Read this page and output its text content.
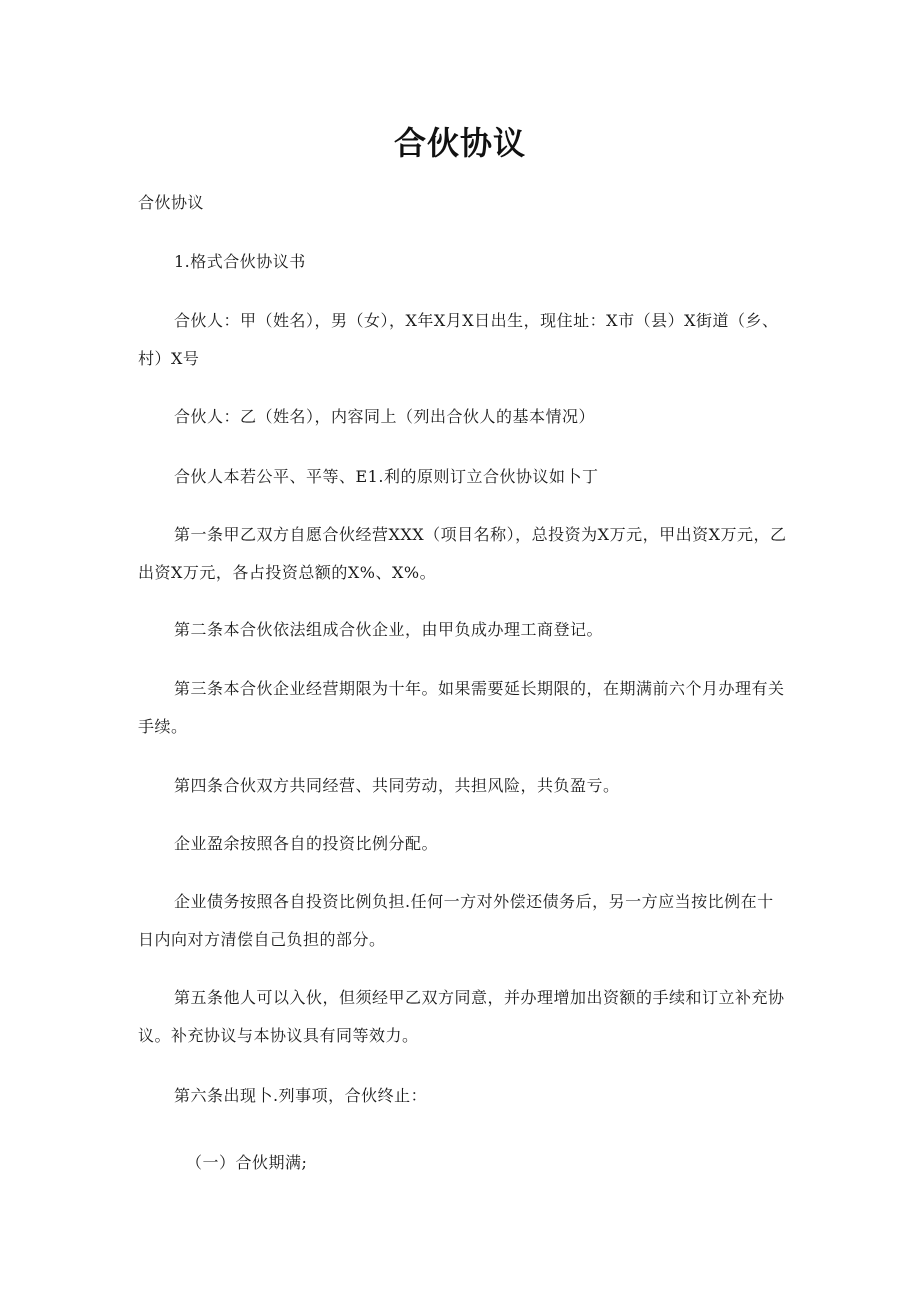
合伙协议
合伙协议
1.格式合伙协议书
合伙人：甲（姓名），男（女），X年X月X日出生，现住址：X市（县）X街道（乡、村）X号
合伙人：乙（姓名），内容同上（列出合伙人的基本情况）
合伙人本若公平、平等、E1.利的原则订立合伙协议如卜丁
第一条甲乙双方自愿合伙经营XXX（项目名称），总投资为X万元，甲出资X万元，乙出资X万元，各占投资总额的X%、X%。
第二条本合伙依法组成合伙企业，由甲负成办理工商登记。
第三条本合伙企业经营期限为十年。如果需要延长期限的，在期满前六个月办理有关手续。
第四条合伙双方共同经营、共同劳动，共担风险，共负盈亏。
企业盈余按照各自的投资比例分配。
企业债务按照各自投资比例负担.任何一方对外偿还债务后，另一方应当按比例在十日内向对方清偿自己负担的部分。
第五条他人可以入伙，但须经甲乙双方同意，并办理增加出资额的手续和订立补充协议。补充协议与本协议具有同等效力。
第六条出现卜.列事项，合伙终止：
（一）合伙期满;
